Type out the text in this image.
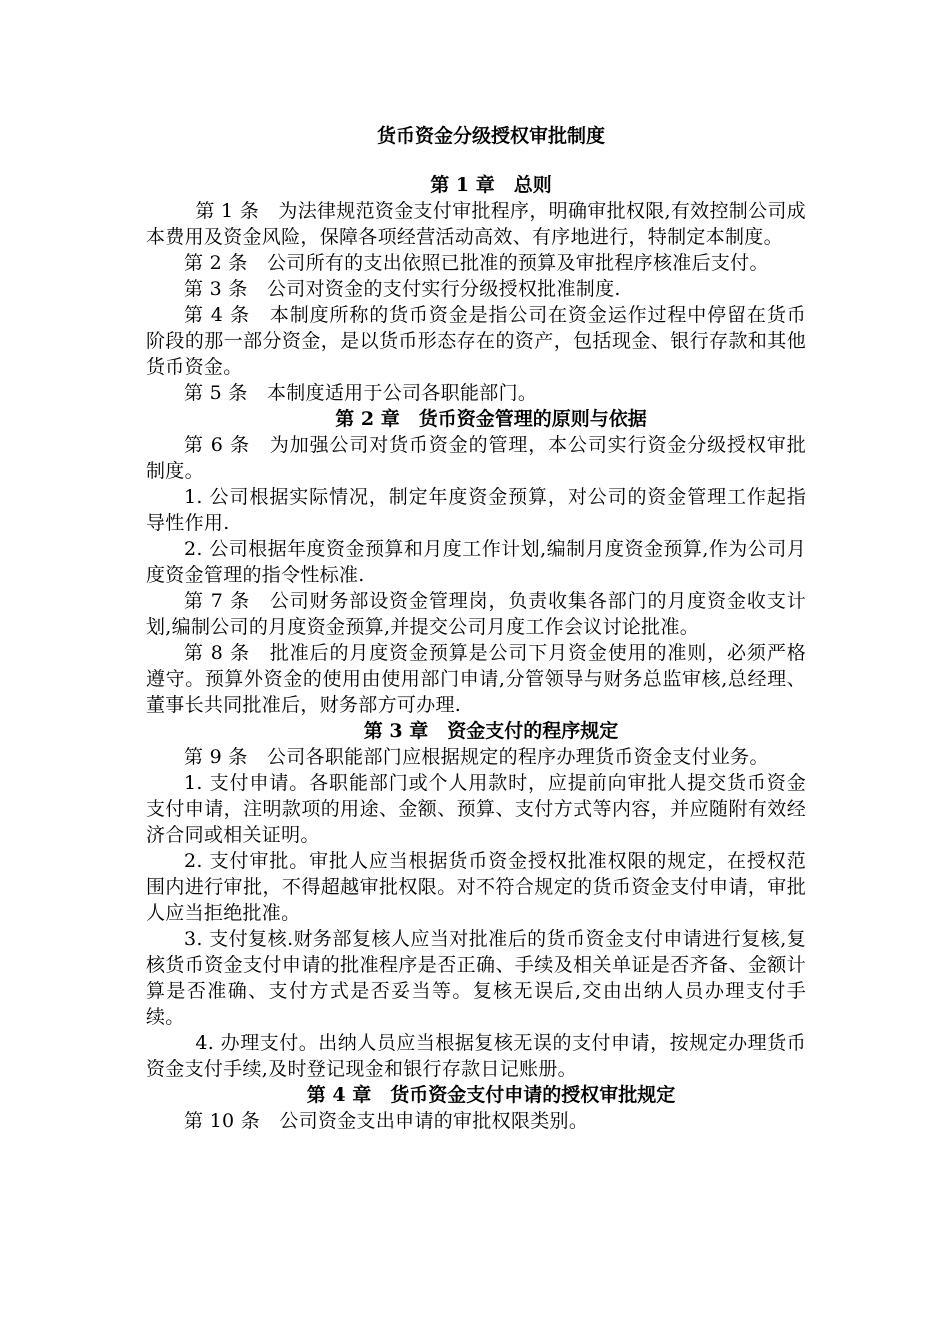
货币资金分级授权审批制度
第 1 章　总则

第 1 条　为法律规范资金支付审批程序，明确审批权限,有效控制公司成本费用及资金风险，保障各项经营活动高效、有序地进行，特制定本制度。

第 2 条　公司所有的支出依照已批准的预算及审批程序核准后支付。

第 3 条　公司对资金的支付实行分级授权批准制度.

第 4 条　本制度所称的货币资金是指公司在资金运作过程中停留在货币阶段的那一部分资金，是以货币形态存在的资产，包括现金、银行存款和其他货币资金。

第 5 条　本制度适用于公司各职能部门。

第 2 章　货币资金管理的原则与依据

第 6 条　为加强公司对货币资金的管理，本公司实行资金分级授权审批制度。

1. 公司根据实际情况，制定年度资金预算，对公司的资金管理工作起指导性作用.

2. 公司根据年度资金预算和月度工作计划,编制月度资金预算,作为公司月度资金管理的指令性标准.

第 7 条　公司财务部设资金管理岗，负责收集各部门的月度资金收支计划,编制公司的月度资金预算,并提交公司月度工作会议讨论批准。

第 8 条　批准后的月度资金预算是公司下月资金使用的准则，必须严格遵守。预算外资金的使用由使用部门申请,分管领导与财务总监审核,总经理、董事长共同批准后，财务部方可办理.

第 3 章　资金支付的程序规定

第 9 条　公司各职能部门应根据规定的程序办理货币资金支付业务。

1. 支付申请。各职能部门或个人用款时，应提前向审批人提交货币资金支付申请，注明款项的用途、金额、预算、支付方式等内容，并应随附有效经济合同或相关证明。

2. 支付审批。审批人应当根据货币资金授权批准权限的规定，在授权范围内进行审批，不得超越审批权限。对不符合规定的货币资金支付申请，审批人应当拒绝批准。

3. 支付复核.财务部复核人应当对批准后的货币资金支付申请进行复核,复核货币资金支付申请的批准程序是否正确、手续及相关单证是否齐备、金额计算是否准确、支付方式是否妥当等。复核无误后,交由出纳人员办理支付手续。

4. 办理支付。出纳人员应当根据复核无误的支付申请，按规定办理货币资金支付手续,及时登记现金和银行存款日记账册。

第 4 章　货币资金支付申请的授权审批规定

第 10 条　公司资金支出申请的审批权限类别。
